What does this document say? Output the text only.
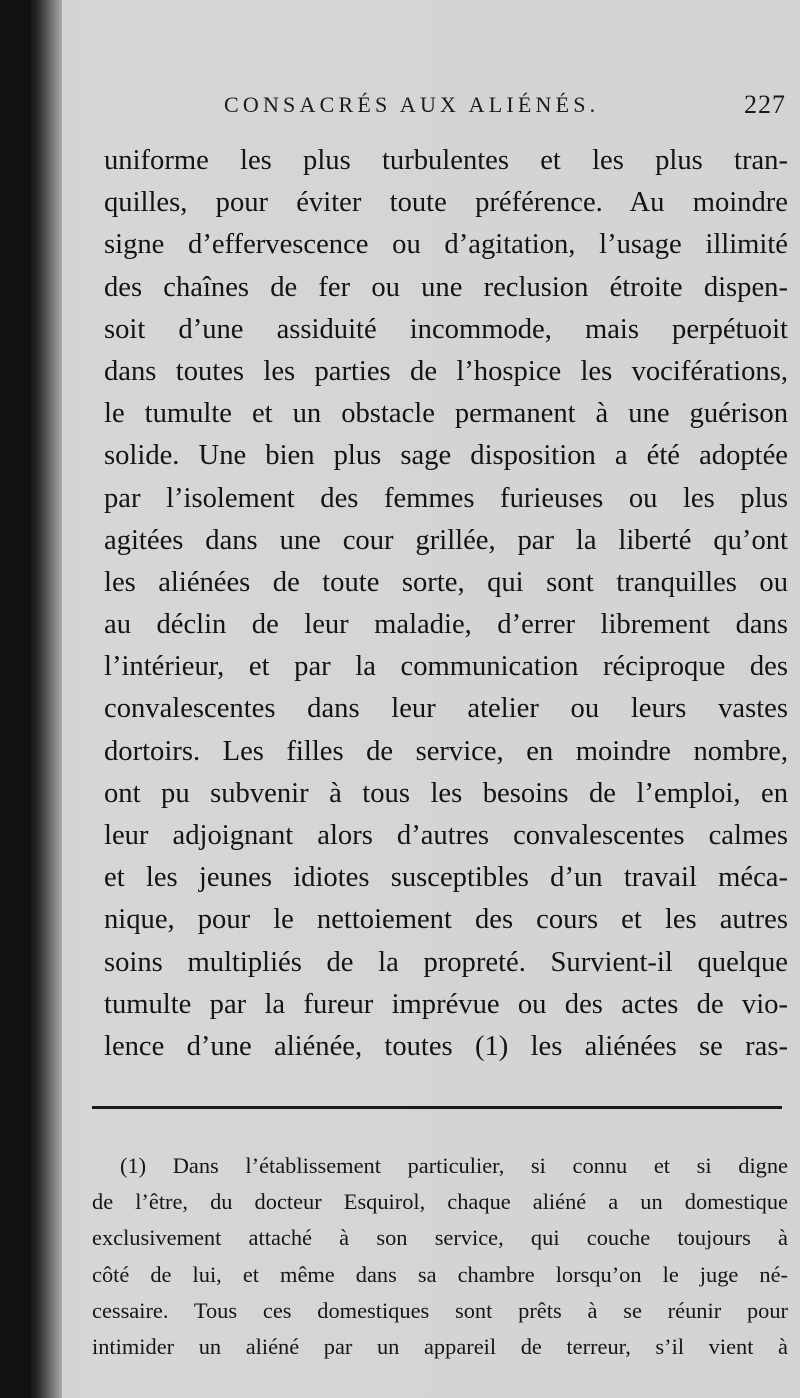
CONSACRÉS AUX ALIÉNÉS.	227
uniforme les plus turbulentes et les plus tran-
quilles, pour éviter toute préférence. Au moindre
signe d’effervescence ou d’agitation, l’usage illimité
des chaînes de fer ou une reclusion étroite dispen-
soit d’une assiduité incommode, mais perpétuoit
dans toutes les parties de l’hospice les vociférations,
le tumulte et un obstacle permanent à une guérison
solide. Une bien plus sage disposition a été adoptée
par l’isolement des femmes furieuses ou les plus
agitées dans une cour grillée, par la liberté qu’ont
les aliénées de toute sorte, qui sont tranquilles ou
au déclin de leur maladie, d’errer librement dans
l’intérieur, et par la communication réciproque des
convalescentes dans leur atelier ou leurs vastes
dortoirs. Les filles de service, en moindre nombre,
ont pu subvenir à tous les besoins de l’emploi, en
leur adjoignant alors d’autres convalescentes calmes
et les jeunes idiotes susceptibles d’un travail méca-
nique, pour le nettoiement des cours et les autres
soins multipliés de la propreté. Survient-il quelque
tumulte par la fureur imprévue ou des actes de vio-
lence d’une aliénée, toutes (1) les aliénées se ras-
(1) Dans l’établissement particulier, si connu et si digne
de l’être, du docteur Esquirol, chaque aliéné a un domestique
exclusivement attaché à son service, qui couche toujours à
côté de lui, et même dans sa chambre lorsqu’on le juge né-
cessaire. Tous ces domestiques sont prêts à se réunir pour
intimider un aliéné par un appareil de terreur, s’il vient à
